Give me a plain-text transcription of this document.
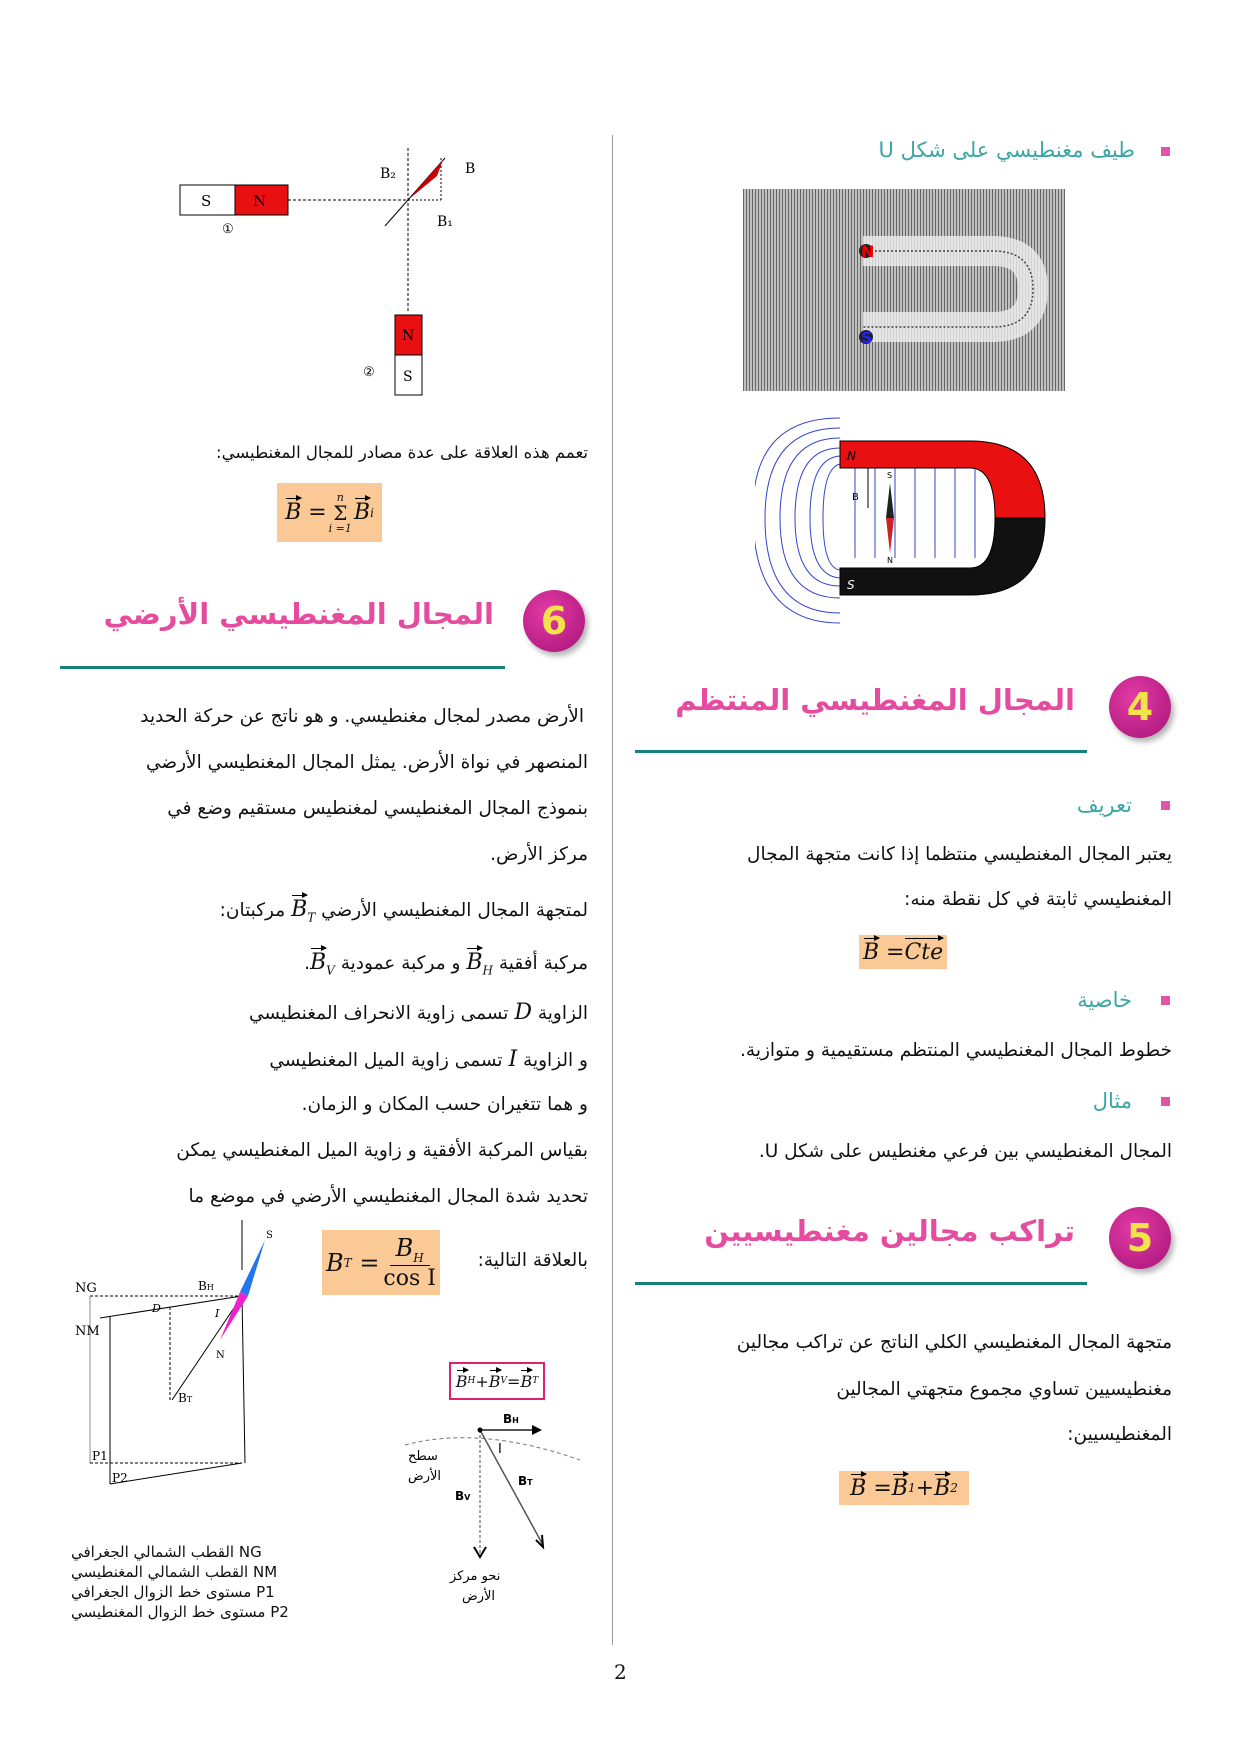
2
طيف مغنطيسي على شكل U
N
S
N
S
B
S
N
4
المجال المغنطيسي المنتظم
تعريف
يعتبر المجال المغنطيسي منتظما إذا كانت متجهة المجال
المغنطيسي ثابتة في كل نقطة منه:
B
= Cte
خاصية
خطوط المجال المغنطيسي المنتظم مستقيمية و متوازية.
مثال
المجال المغنطيسي بين فرعي مغنطيس على شكل U.
5
تراكب مجالين مغنطيسيين
متجهة المجال المغنطيسي الكلي الناتج عن تراكب مجالين
مغنطيسيين تساوي مجموع متجهتي المجالين
المغنطيسيين:
B
= B 1 + B 2
S	N
①
B₂	B
B₁
N
S
②
تعمم هذه العلاقة على عدة مصادر للمجال المغنطيسي:
B
=
n
Σ
i =1
B i
6
المجال المغنطيسي الأرضي
الأرض مصدر لمجال مغنطيسي. و هو ناتج عن حركة الحديد
المنصهر في نواة الأرض. يمثل المجال المغنطيسي الأرضي
بنموذج المجال المغنطيسي لمغنطيس مستقيم وضع في
مركز الأرض.
لمتجهة المجال المغنطيسي الأرضي $B_T$ مركبتان:
مركبة أفقية $B_H$ و مركبة عمودية $B_V$.
الزاوية D تسمى زاوية الانحراف المغنطيسي
و الزاوية I تسمى زاوية الميل المغنطيسي
و هما تتغيران حسب المكان و الزمان.
بقياس المركبة الأفقية و زاوية الميل المغنطيسي يمكن
تحديد شدة المجال المغنطيسي الأرضي في موضع ما
بالعلاقة التالية:
B T
= $\frac{B_H}{\text{cos I}}$
NG
NM
BH
BT
D	I
S
N
P1
P2
NG القطب الشمالي الجغرافي
NM القطب الشمالي المغنطيسي
P1 مستوى خط الزوال الجغرافي
P2 مستوى خط الزوال المغنطيسي
B H + B V = B T
BH
I
BV
BT
سطح
الأرض
نحو مركز
الأرض
